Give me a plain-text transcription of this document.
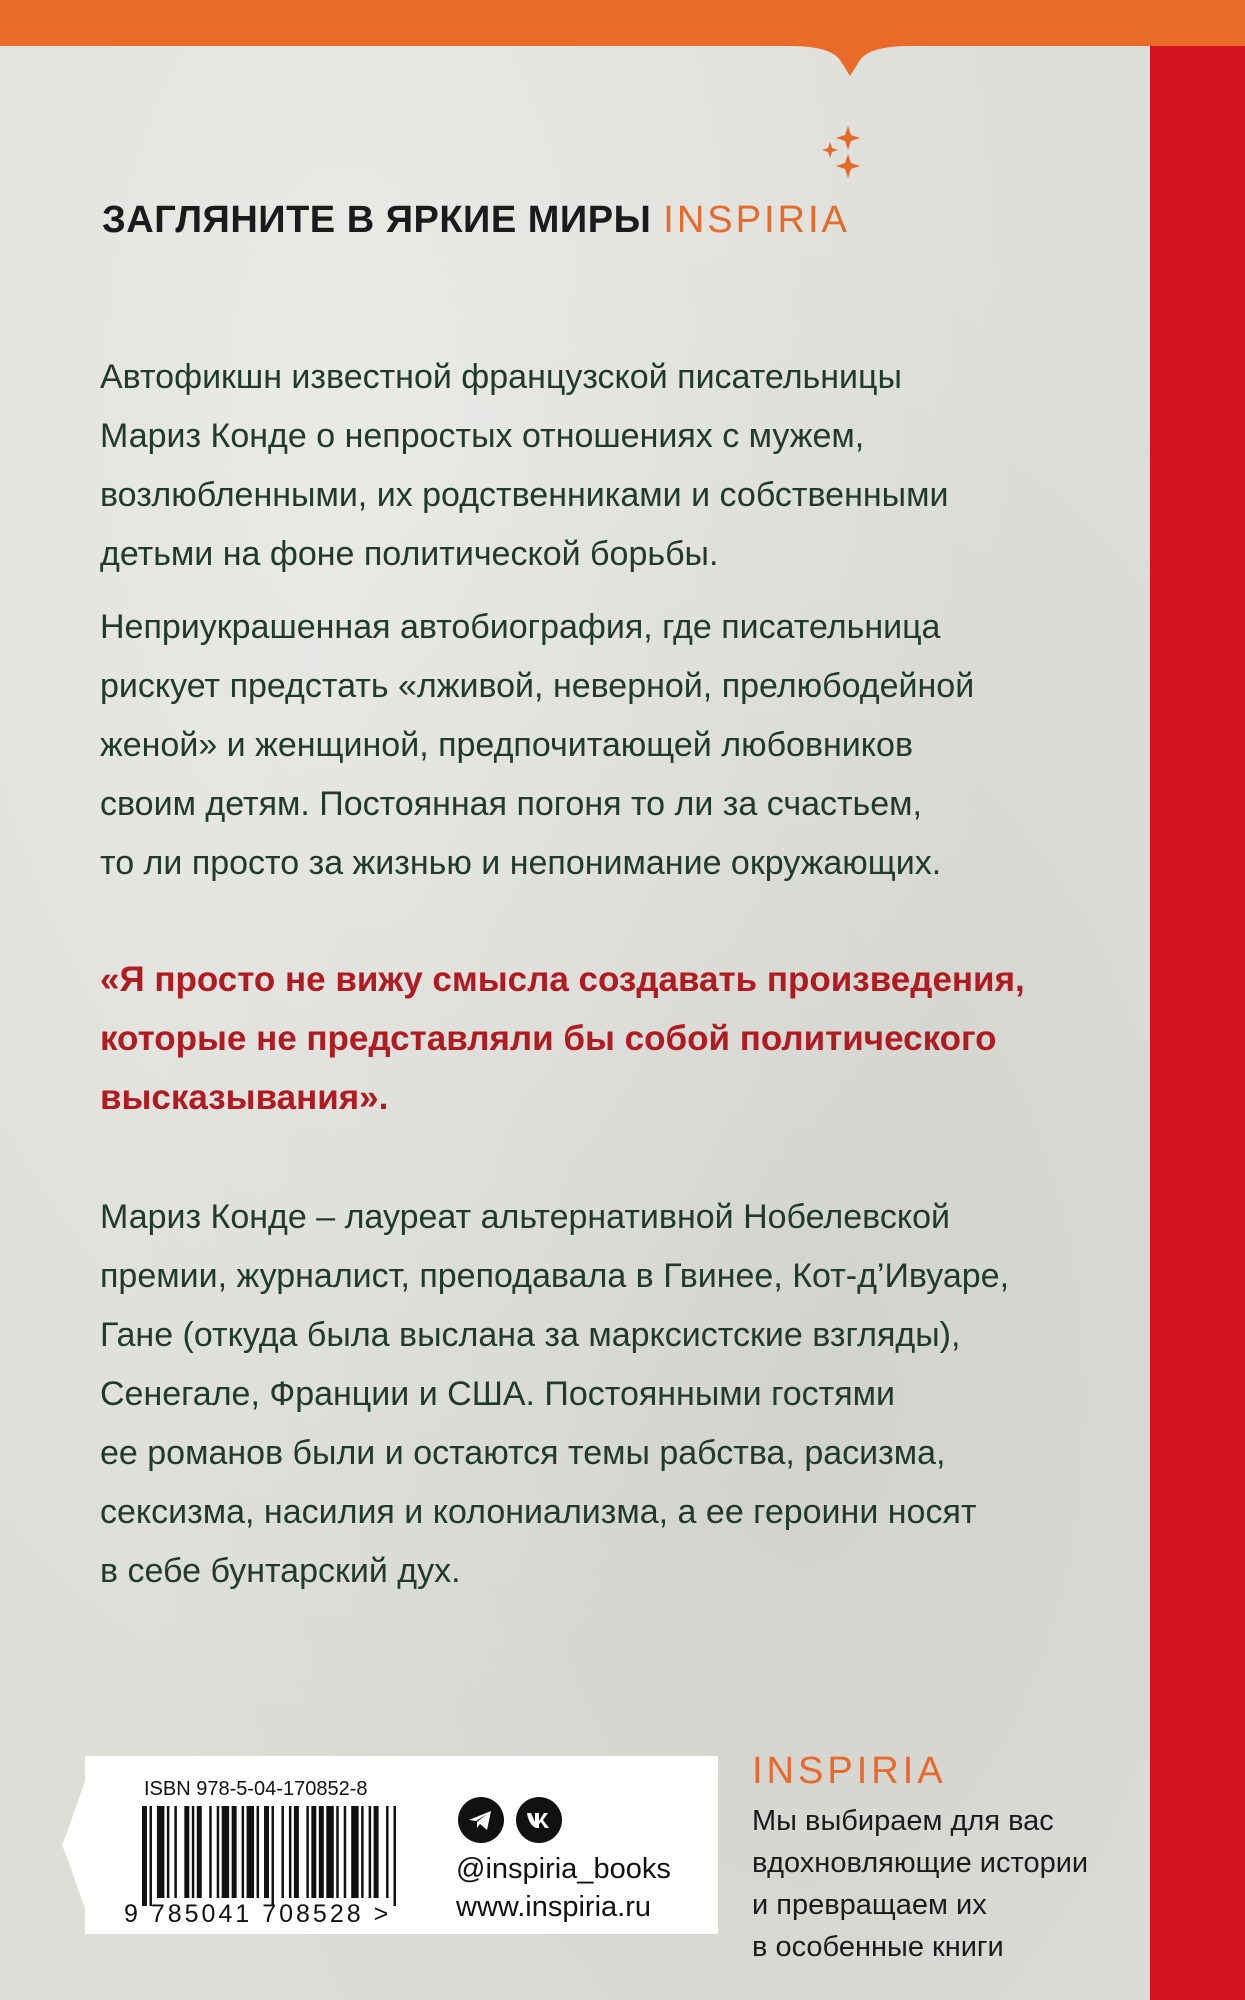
ЗАГЛЯНИТЕ В ЯРКИЕ МИРЫ INSPIRIA

Автофикшн известной французской писательницы

Мариз Конде о непростых отношениях с мужем,

возлюбленными, их родственниками и собственными

детьми на фоне политической борьбы.

Неприукрашенная автобиография, где писательница

рискует предстать «лживой, неверной, прелюбодейной

женой» и женщиной, предпочитающей любовников

своим детям. Постоянная погоня то ли за счастьем,

то ли просто за жизнью и непонимание окружающих.

«Я просто не вижу смысла создавать произведения,
которые не представляли бы собой политического
высказывания».

Мариз Конде – лауреат альтернативной Нобелевской

премии, журналист, преподавала в Гвинее, Кот-д’Ивуаре,

Гане (откуда была выслана за марксистские взгляды),

Сенегале, Франции и США. Постоянными гостями

ее романов были и остаются темы рабства, расизма,

сексизма, насилия и колониализма, а ее героини носят

в себе бунтарский дух.

ISBN 978-5-04-170852-8
9 785041 708528 >

@inspiria_books
www.inspiria.ru
INSPIRIA
Мы выбираем для вас
вдохновляющие истории
и превращаем их
в особенные книги
